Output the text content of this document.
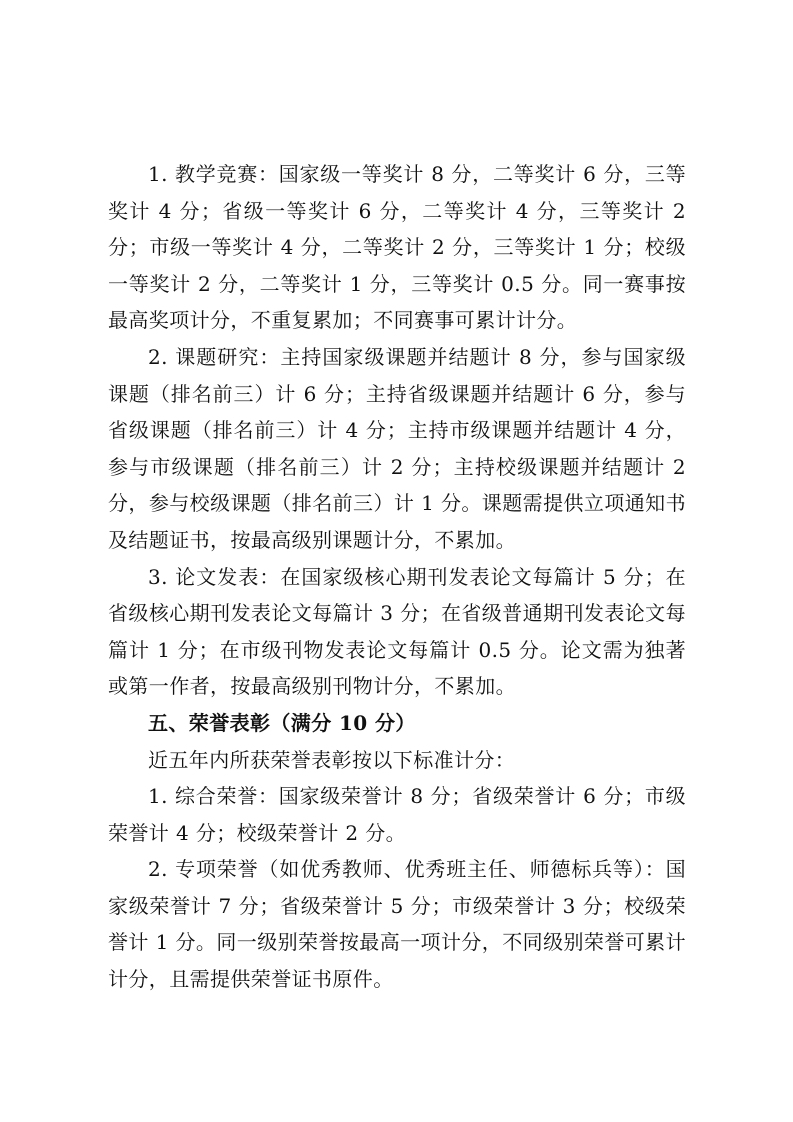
1. 教学竞赛：国家级一等奖计 8 分，二等奖计 6 分，三等奖计 4 分；省级一等奖计 6 分，二等奖计 4 分，三等奖计 2 分；市级一等奖计 4 分，二等奖计 2 分，三等奖计 1 分；校级一等奖计 2 分，二等奖计 1 分，三等奖计 0.5 分。同一赛事按最高奖项计分，不重复累加；不同赛事可累计计分。

2. 课题研究：主持国家级课题并结题计 8 分，参与国家级课题（排名前三）计 6 分；主持省级课题并结题计 6 分，参与省级课题（排名前三）计 4 分；主持市级课题并结题计 4 分，参与市级课题（排名前三）计 2 分；主持校级课题并结题计 2 分，参与校级课题（排名前三）计 1 分。课题需提供立项通知书及结题证书，按最高级别课题计分，不累加。

3. 论文发表：在国家级核心期刊发表论文每篇计 5 分；在省级核心期刊发表论文每篇计 3 分；在省级普通期刊发表论文每篇计 1 分；在市级刊物发表论文每篇计 0.5 分。论文需为独著或第一作者，按最高级别刊物计分，不累加。

五、荣誉表彰（满分 10 分）

近五年内所获荣誉表彰按以下标准计分：

1. 综合荣誉：国家级荣誉计 8 分；省级荣誉计 6 分；市级荣誉计 4 分；校级荣誉计 2 分。

2. 专项荣誉（如优秀教师、优秀班主任、师德标兵等）：国家级荣誉计 7 分；省级荣誉计 5 分；市级荣誉计 3 分；校级荣誉计 1 分。同一级别荣誉按最高一项计分，不同级别荣誉可累计计分，且需提供荣誉证书原件。
